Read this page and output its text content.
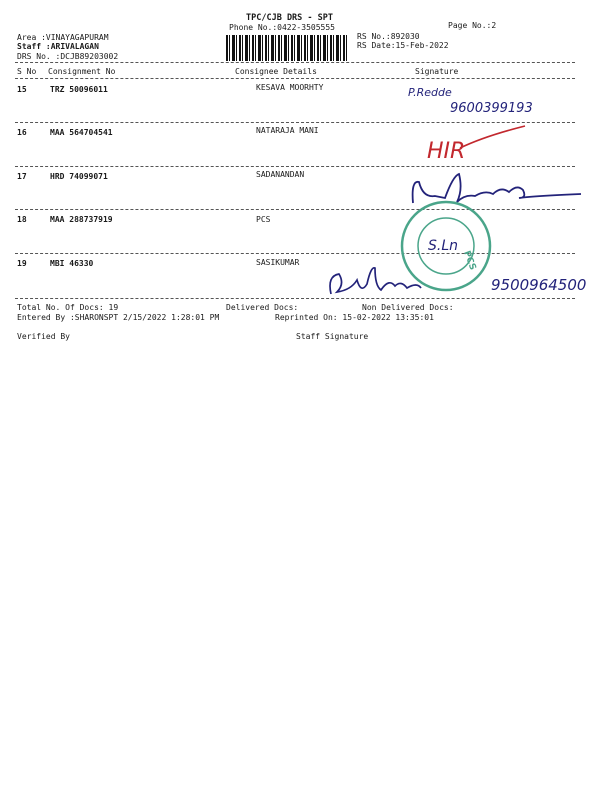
TPC/CJB DRS - SPT
Phone No.:0422-3505555	Page No.:2
Area :VINAYAGAPURAM
Staff :ARIVALAGAN
DRS No. :DCJB89203002
RS No.:892030
RS Date:15-Feb-2022
S No Consignment No	Consignee Details	Signature
15	TRZ 50096011	KESAVA MOORHTY
16	MAA 564704541	NATARAJA MANI
17	HRD 74099071	SADANANDAN
18	MAA 288737919	PCS
19	MBI 46330	SASIKUMAR
P.Redde
9600399193
HIR
PCS
S.Ln
9500964500
Total No. Of Docs: 19	Delivered Docs:	Non Delivered Docs:
Entered By :SHARONSPT 2/15/2022 1:28:01 PM	Reprinted On: 15-02-2022 13:35:01
Verified By	Staff Signature
